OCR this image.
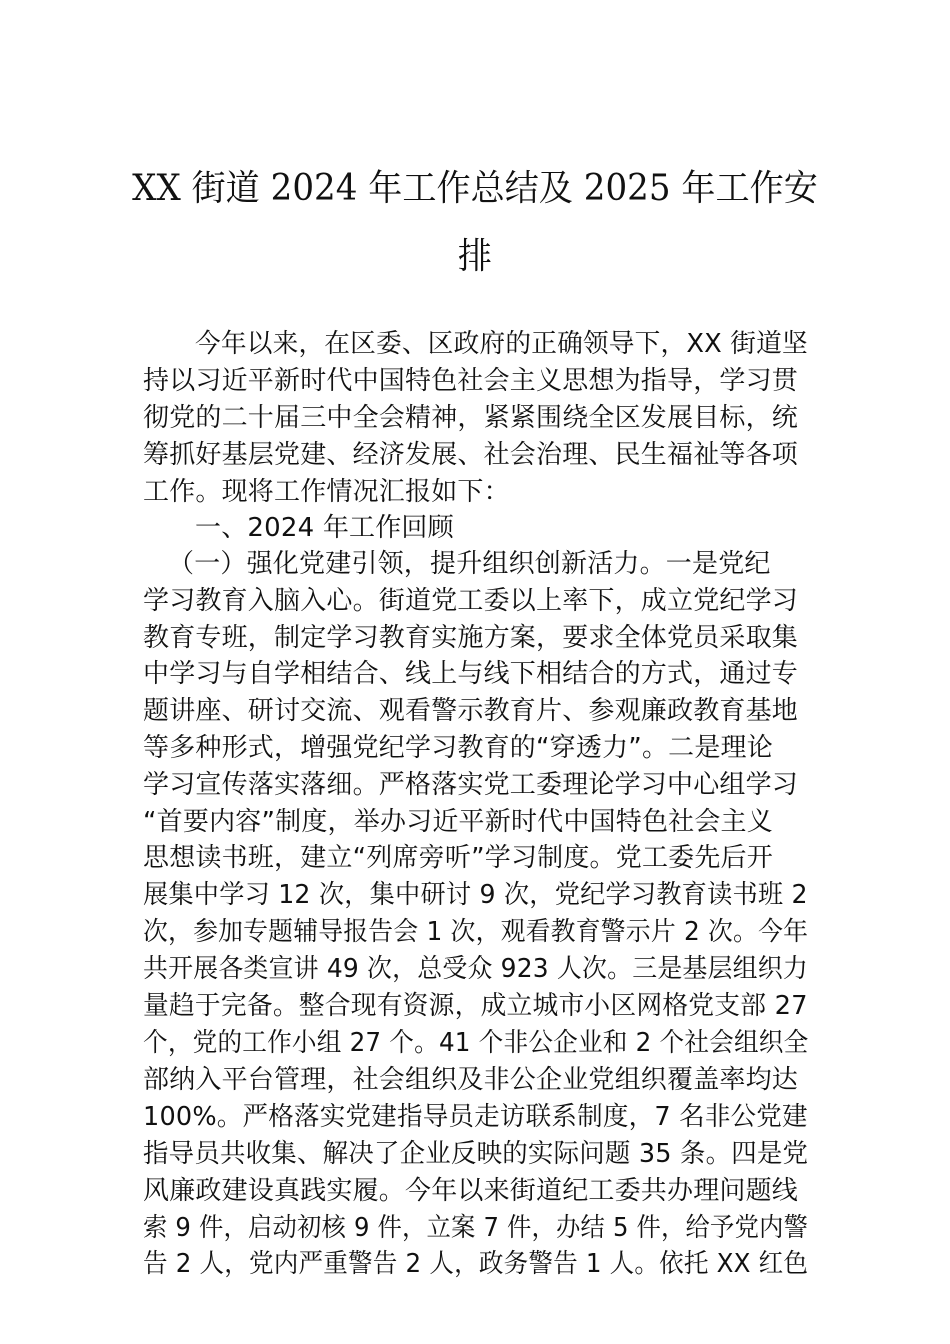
XX 街道 2024 年工作总结及 2025 年工作安
排
今年以来，在区委、区政府的正确领导下，XX 街道坚
持以习近平新时代中国特色社会主义思想为指导，学习贯
彻党的二十届三中全会精神，紧紧围绕全区发展目标，统
筹抓好基层党建、经济发展、社会治理、民生福祉等各项
工作。现将工作情况汇报如下：
一、2024 年工作回顾
（一）强化党建引领，提升组织创新活力。一是党纪
学习教育入脑入心。街道党工委以上率下，成立党纪学习
教育专班，制定学习教育实施方案，要求全体党员采取集
中学习与自学相结合、线上与线下相结合的方式，通过专
题讲座、研讨交流、观看警示教育片、参观廉政教育基地
等多种形式，增强党纪学习教育的“穿透力”。二是理论
学习宣传落实落细。严格落实党工委理论学习中心组学习
“首要内容”制度，举办习近平新时代中国特色社会主义
思想读书班，建立“列席旁听”学习制度。党工委先后开
展集中学习 12 次，集中研讨 9 次，党纪学习教育读书班 2
次，参加专题辅导报告会 1 次，观看教育警示片 2 次。今年
共开展各类宣讲 49 次，总受众 923 人次。三是基层组织力
量趋于完备。整合现有资源，成立城市小区网格党支部 27
个，党的工作小组 27 个。41 个非公企业和 2 个社会组织全
部纳入平台管理，社会组织及非公企业党组织覆盖率均达
100%。严格落实党建指导员走访联系制度，7 名非公党建
指导员共收集、解决了企业反映的实际问题 35 条。四是党
风廉政建设真践实履。今年以来街道纪工委共办理问题线
索 9 件，启动初核 9 件，立案 7 件，办结 5 件，给予党内警
告 2 人，党内严重警告 2 人，政务警告 1 人。依托 XX 红色
